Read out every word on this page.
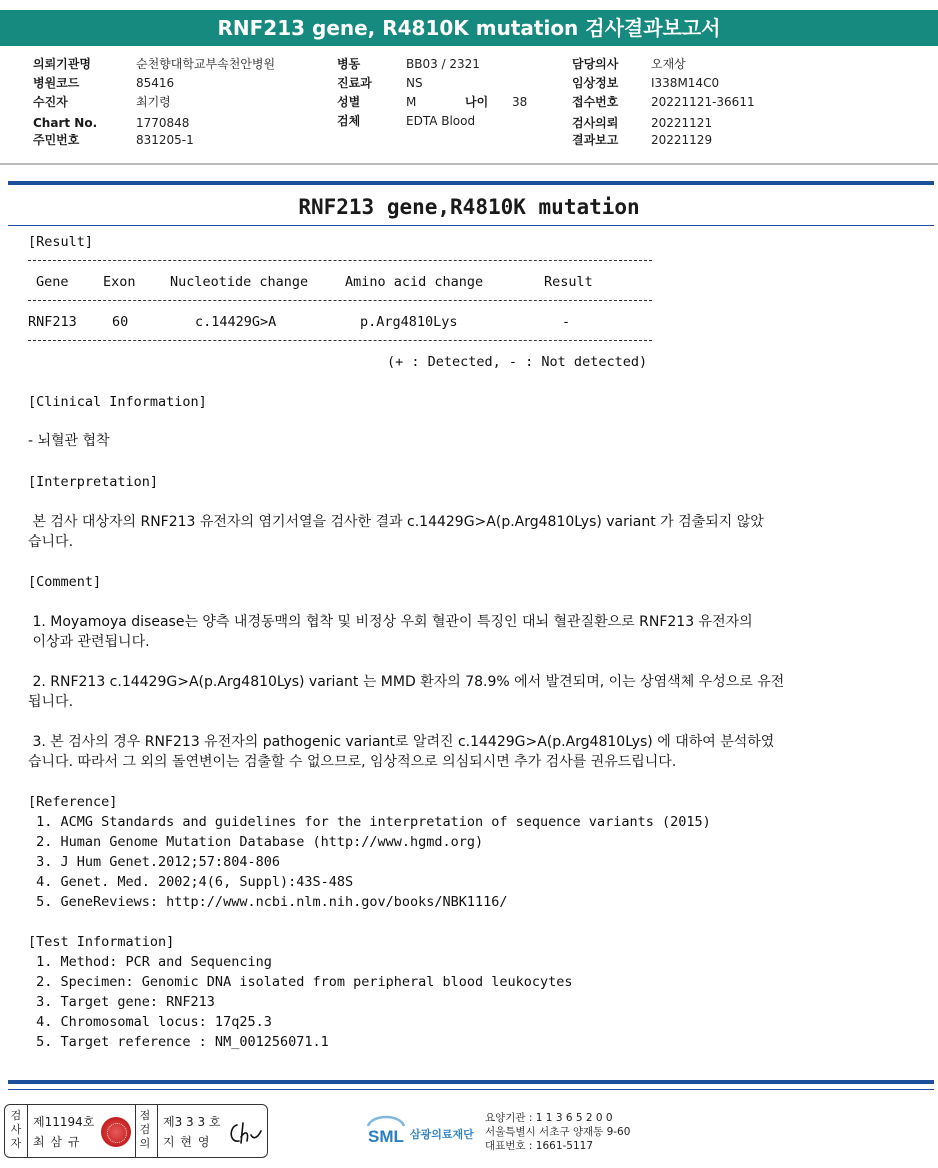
RNF213 gene, R4810K mutation 검사결과보고서
의뢰기관명	순천향대학교부속천안병원
병원코드	85416
수진자	최기령
Chart No.	1770848
주민번호	831205-1
병동	BB03 / 2321
진료과	NS
성별	M	나이 38
검체	EDTA Blood
담당의사	오재상
임상정보	I338M14C0
접수번호	20221121-36611
검사의뢰	20221121
결과보고	20221129
RNF213 gene,R4810K mutation
[Result]
Gene	Exon	Nucleotide change	Amino acid change	Result
RNF213	60	c.14429G>A	p.Arg4810Lys	-
(+ : Detected, - : Not detected)
[Clinical Information]
- 뇌혈관 협착
[Interpretation]
본 검사 대상자의 RNF213 유전자의 염기서열을 검사한 결과 c.14429G>A(p.Arg4810Lys) variant 가 검출되지 않았
습니다.
[Comment]
1. Moyamoya disease는 양측 내경동맥의 협착 및 비정상 우회 혈관이 특징인 대뇌 혈관질환으로 RNF213 유전자의
이상과 관련됩니다.
2. RNF213 c.14429G>A(p.Arg4810Lys) variant 는 MMD 환자의 78.9% 에서 발견되며, 이는 상염색체 우성으로 유전
됩니다.
3. 본 검사의 경우 RNF213 유전자의 pathogenic variant로 알려진 c.14429G>A(p.Arg4810Lys) 에 대하여 분석하였
습니다. 따라서 그 외의 돌연변이는 검출할 수 없으므로, 임상적으로 의심되시면 추가 검사를 권유드립니다.
[Reference]
1. ACMG Standards and guidelines for the interpretation of sequence variants (2015)
2. Human Genome Mutation Database (http://www.hgmd.org)
3. J Hum Genet.2012;57:804-806
4. Genet. Med. 2002;4(6, Suppl):43S-48S
5. GeneReviews: http://www.ncbi.nlm.nih.gov/books/NBK1116/
[Test Information]
1. Method: PCR and Sequencing
2. Specimen: Genomic DNA isolated from peripheral blood leukocytes
3. Target gene: RNF213
4. Chromosomal locus: 17q25.3
5. Target reference : NM_001256071.1
검사자
제11194호
최 삼 규
점검의
제3 3 3 호
지 현 영	SML 삼광의료재단
요양기관 : 1 1 3 6 5 2 0 0
서울특별시 서초구 양재동 9-60
대표번호 : 1661-5117
